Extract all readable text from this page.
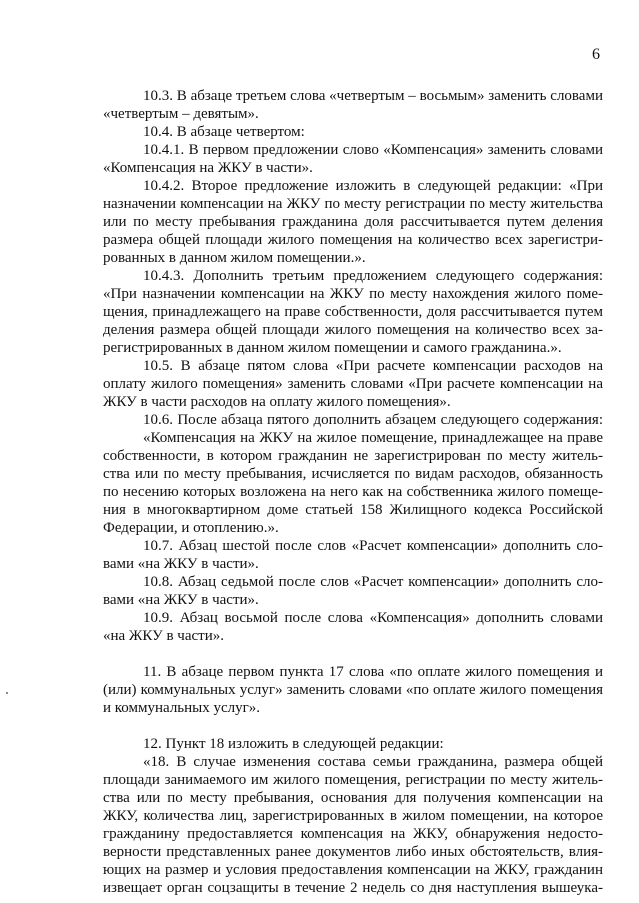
6
10.3. В абзаце третьем слова «четвертым – восьмым» заменить словами
«четвертым – девятым».
10.4. В абзаце четвертом:
10.4.1. В первом предложении слово «Компенсация» заменить словами
«Компенсация на ЖКУ в части».
10.4.2. Второе предложение изложить в следующей редакции: «При
назначении компенсации на ЖКУ по месту регистрации по месту жительства
или по месту пребывания гражданина доля рассчитывается путем деления
размера общей площади жилого помещения на количество всех зарегистри-
рованных в данном жилом помещении.».
10.4.3. Дополнить третьим предложением следующего содержания:
«При назначении компенсации на ЖКУ по месту нахождения жилого поме-
щения, принадлежащего на праве собственности, доля рассчитывается путем
деления размера общей площади жилого помещения на количество всех за-
регистрированных в данном жилом помещении и самого гражданина.».
10.5. В абзаце пятом слова «При расчете компенсации расходов на
оплату жилого помещения» заменить словами «При расчете компенсации на
ЖКУ в части расходов на оплату жилого помещения».
10.6. После абзаца пятого дополнить абзацем следующего содержания:
«Компенсация на ЖКУ на жилое помещение, принадлежащее на праве
собственности, в котором гражданин не зарегистрирован по месту житель-
ства или по месту пребывания, исчисляется по видам расходов, обязанность
по несению которых возложена на него как на собственника жилого помеще-
ния в многоквартирном доме статьей 158 Жилищного кодекса Российской
Федерации, и отоплению.».
10.7. Абзац шестой после слов «Расчет компенсации» дополнить сло-
вами «на ЖКУ в части».
10.8. Абзац седьмой после слов «Расчет компенсации» дополнить сло-
вами «на ЖКУ в части».
10.9. Абзац восьмой после слова «Компенсация» дополнить словами
«на ЖКУ в части».
11. В абзаце первом пункта 17 слова «по оплате жилого помещения и
(или) коммунальных услуг» заменить словами «по оплате жилого помещения
и коммунальных услуг».
12. Пункт 18 изложить в следующей редакции:
«18. В случае изменения состава семьи гражданина, размера общей
площади занимаемого им жилого помещения, регистрации по месту житель-
ства или по месту пребывания, основания для получения компенсации на
ЖКУ, количества лиц, зарегистрированных в жилом помещении, на которое
гражданину предоставляется компенсация на ЖКУ, обнаружения недосто-
верности представленных ранее документов либо иных обстоятельств, влия-
ющих на размер и условия предоставления компенсации на ЖКУ, гражданин
извещает орган соцзащиты в течение 2 недель со дня наступления вышеука-
